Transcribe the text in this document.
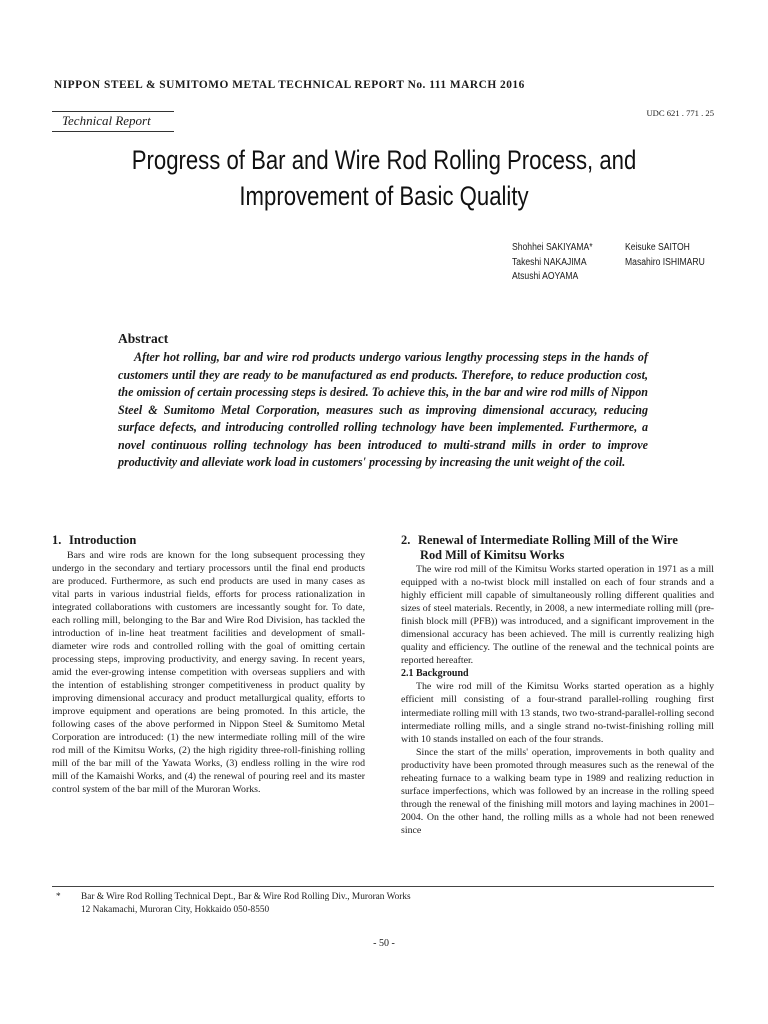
NIPPON STEEL & SUMITOMO METAL TECHNICAL REPORT No. 111 MARCH 2016
Technical Report	UDC 621 . 771 . 25
Progress of Bar and Wire Rod Rolling Process, and Improvement of Basic Quality
Shohhei SAKIYAMA*
Takeshi NAKAJIMA
Atsushi AOYAMA
Keisuke SAITOH
Masahiro ISHIMARU
Abstract

After hot rolling, bar and wire rod products undergo various lengthy processing steps in the hands of customers until they are ready to be manufactured as end products. Therefore, to reduce production cost, the omission of certain processing steps is desired. To achieve this, in the bar and wire rod mills of Nippon Steel & Sumitomo Metal Corporation, measures such as improving dimensional accuracy, reducing surface defects, and introducing controlled rolling technology have been implemented. Furthermore, a novel continuous rolling technology has been introduced to multi-strand mills in order to improve productivity and alleviate work load in customers' processing by increasing the unit weight of the coil.

1. Introduction

Bars and wire rods are known for the long subsequent processing they undergo in the secondary and tertiary processors until the final end products are produced. Furthermore, as such end products are used in many cases as vital parts in various industrial fields, efforts for process rationalization in integrated collaborations with customers are incessantly sought for. To date, each rolling mill, belonging to the Bar and Wire Rod Division, has tackled the introduction of in-line heat treatment facilities and development of small-diameter wire rods and controlled rolling with the goal of omitting certain processing steps, improving productivity, and energy saving. In recent years, amid the ever-growing intense competition with overseas suppliers and with the intention of establishing stronger competitiveness in product quality by improving dimensional accuracy and product metallurgical quality, efforts to improve equipment and operations are being promoted. In this article, the following cases of the above performed in Nippon Steel & Sumitomo Metal Corporation are introduced: (1) the new intermediate rolling mill of the wire rod mill of the Kimitsu Works, (2) the high rigidity three-roll-finishing rolling mill of the bar mill of the Yawata Works, (3) endless rolling in the wire rod mill of the Kamaishi Works, and (4) the renewal of pouring reel and its master control system of the bar mill of the Muroran Works.

2. Renewal of Intermediate Rolling Mill of the Wire
Rod Mill of Kimitsu Works

The wire rod mill of the Kimitsu Works started operation in 1971 as a mill equipped with a no-twist block mill installed on each of four strands and a highly efficient mill capable of simultaneously rolling different qualities and sizes of steel materials. Recently, in 2008, a new intermediate rolling mill (pre-finish block mill (PFB)) was introduced, and a significant improvement in the dimensional accuracy has been achieved. The mill is currently realizing high quality and efficiency. The outline of the renewal and the technical points are reported hereafter.

2.1 Background

The wire rod mill of the Kimitsu Works started operation as a highly efficient mill consisting of a four-strand parallel-rolling roughing first intermediate rolling mill with 13 stands, two two-strand-parallel-rolling second intermediate rolling mills, and a single strand no-twist-finishing rolling mill with 10 stands installed on each of the four strands.

Since the start of the mills' operation, improvements in both quality and productivity have been promoted through measures such as the renewal of the reheating furnace to a walking beam type in 1989 and realizing reduction in surface imperfections, which was followed by an increase in the rolling speed through the renewal of the finishing mill motors and laying machines in 2001–2004. On the other hand, the rolling mills as a whole had not been renewed since

* Bar & Wire Rod Rolling Technical Dept., Bar & Wire Rod Rolling Div., Muroran Works
12 Nakamachi, Muroran City, Hokkaido 050-8550
- 50 -
